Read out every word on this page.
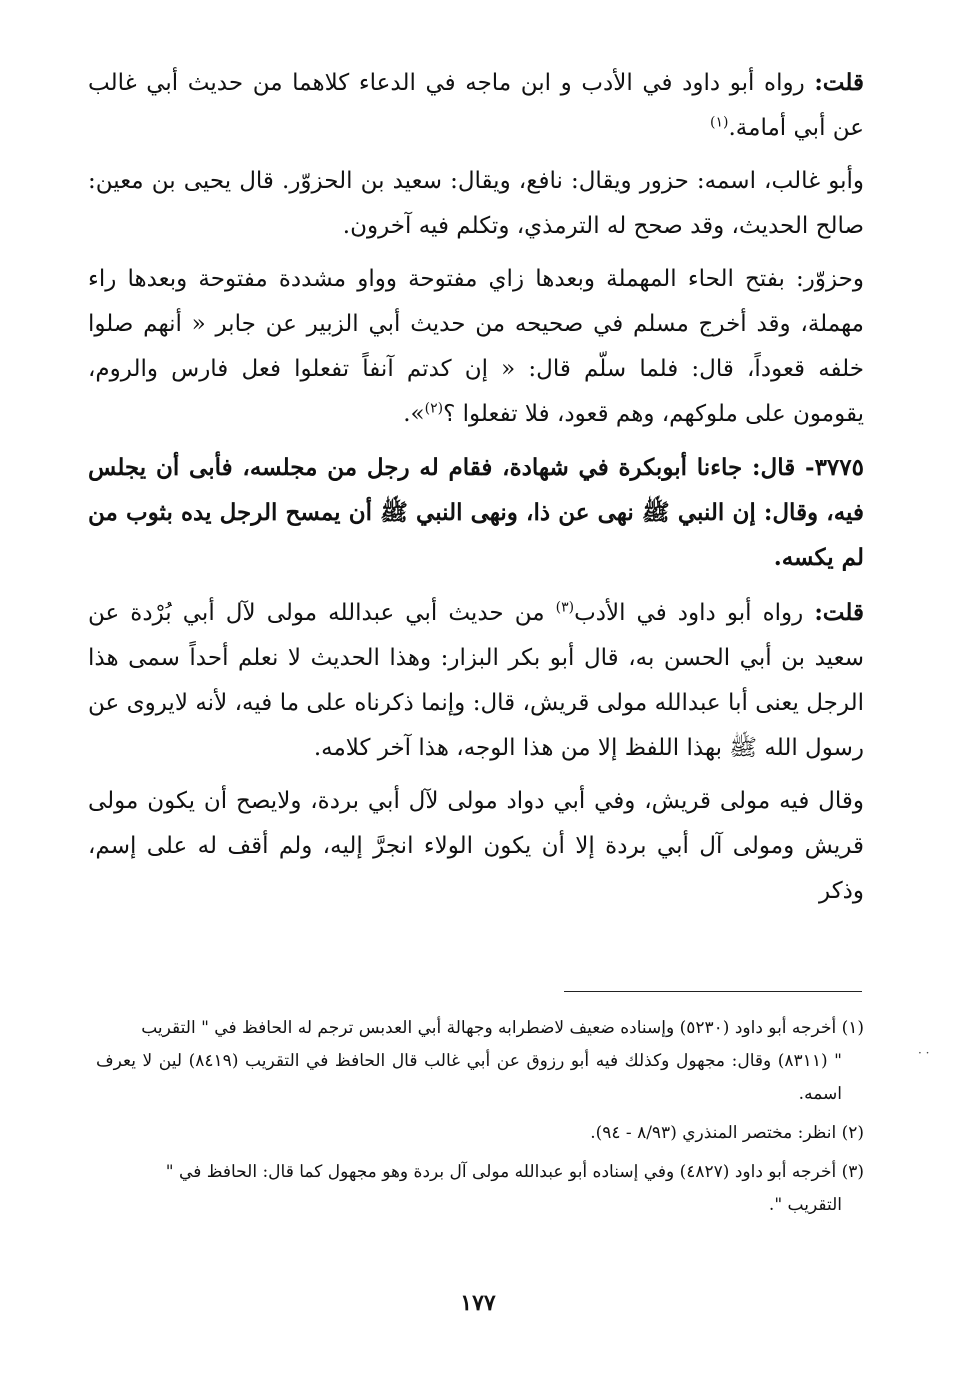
قلت: رواه أبو داود في الأدب و ابن ماجه في الدعاء كلاهما من حديث أبي غالب عن أبي أمامة.$^{(١)}$

وأبو غالب، اسمه: حزور ويقال: نافع، ويقال: سعيد بن الحزوّر. قال يحيى بن معين: صالح الحديث، وقد صحح له الترمذي، وتكلم فيه آخرون.

وحزوّر: بفتح الحاء المهملة وبعدها زاي مفتوحة وواو مشددة مفتوحة وبعدها راء مهملة، وقد أخرج مسلم في صحيحه من حديث أبي الزبير عن جابر « أنهم صلوا خلفه قعوداً، قال: فلما سلّم قال: « إن كدتم آنفاً تفعلوا فعل فارس والروم، يقومون على ملوكهم، وهم قعود، فلا تفعلوا ؟$^{(٢)}$».

٣٧٧٥- قال: جاءنا أبوبكرة في شهادة، فقام له رجل من مجلسه، فأبى أن يجلس فيه، وقال: إن النبي ﷺ نهى عن ذا، ونهى النبي ﷺ أن يمسح الرجل يده بثوب من لم يكسه.

قلت: رواه أبو داود في الأدب$^{(٣)}$ من حديث أبي عبدالله مولى لآل أبي بُرْدة عن سعيد بن أبي الحسن به، قال أبو بكر البزار: وهذا الحديث لا نعلم أحداً سمى هذا الرجل يعنى أبا عبدالله مولى قريش، قال: وإنما ذكرناه على ما فيه، لأنه لايروى عن رسول الله ﷺ بهذا اللفظ إلا من هذا الوجه، هذا آخر كلامه.

وقال فيه مولى قريش، وفي أبي دواد مولى لآل أبي بردة، ولايصح أن يكون مولى قريش ومولى آل أبي بردة إلا أن يكون الولاء انجرَّ إليه، ولم أقف له على إسم، وذكر

(١) أخرجه أبو داود (٥٢٣٠) وإسناده ضعيف لاضطرابه وجهالة أبي العدبس ترجم له الحافظ في " التقريب
" (٨٣١١) وقال: مجهول وكذلك فيه أبو رزوق عن أبي غالب قال الحافظ في التقريب (٨٤١٩) لين لا يعرف اسمه.
(٢) انظر: مختصر المنذري (٨/٩٣ - ٩٤).
(٣) أخرجه أبو داود (٤٨٢٧) وفي إسناده أبو عبدالله مولى آل بردة وهو مجهول كما قال: الحافظ في "
التقريب ".
· ·
١٧٧
